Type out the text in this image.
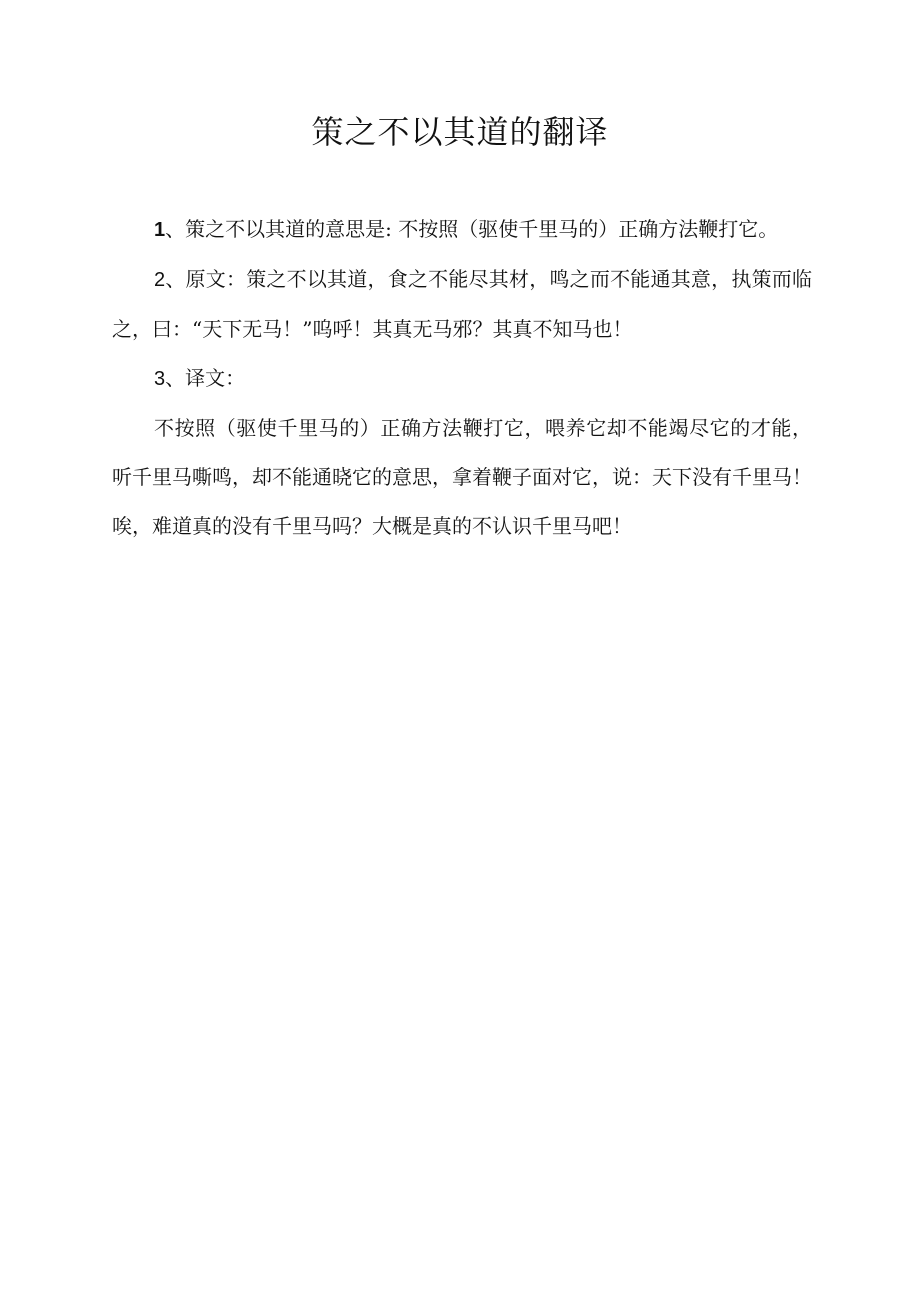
策之不以其道的翻译

1、策之不以其道的意思是: 不按照（驱使千里马的）正确方法鞭打它。

2、原文：策之不以其道，食之不能尽其材，鸣之而不能通其意，执策而临之，曰：“天下无马！”呜呼！其真无马邪？其真不知马也！

3、译文：

不按照（驱使千里马的）正确方法鞭打它，喂养它却不能竭尽它的才能，听千里马嘶鸣，却不能通晓它的意思，拿着鞭子面对它，说：天下没有千里马！唉，难道真的没有千里马吗？大概是真的不认识千里马吧！
